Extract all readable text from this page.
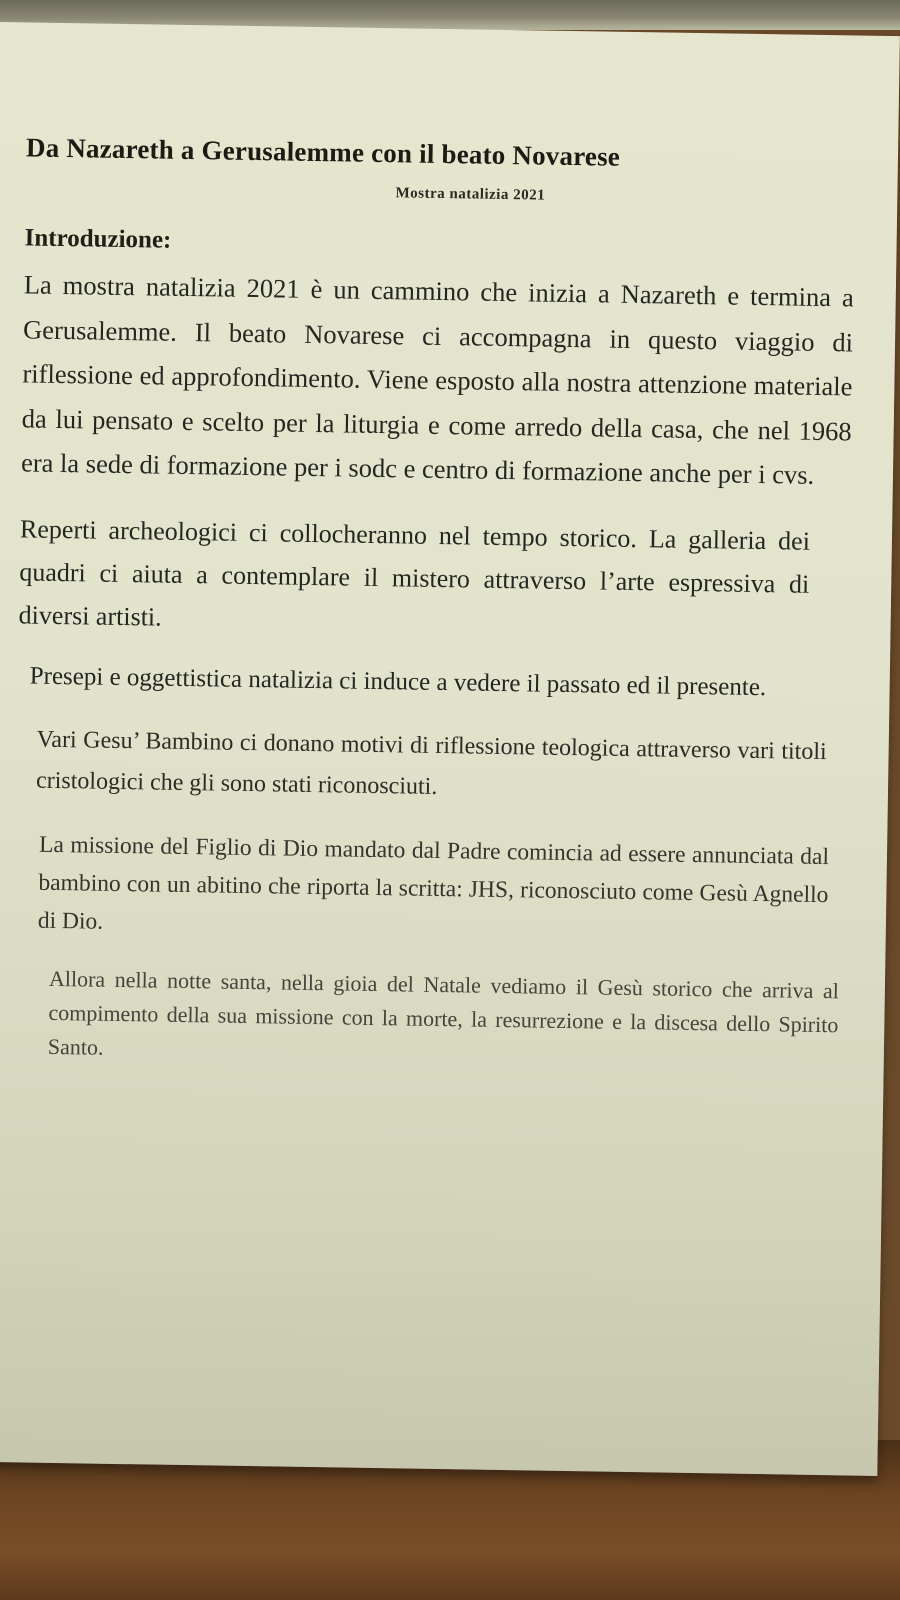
Da Nazareth a Gerusalemme con il beato Novarese
Mostra natalizia 2021
Introduzione:

La mostra natalizia 2021 è un cammino che inizia a Nazareth e termina a Gerusalemme. Il beato Novarese ci accompagna in questo viaggio di riflessione ed approfondimento. Viene esposto alla nostra attenzione materiale da lui pensato e scelto per la liturgia e come arredo della casa, che nel 1968 era la sede di formazione per i sodc e centro di formazione anche per i cvs.

Reperti archeologici ci collocheranno nel tempo storico. La galleria dei quadri ci aiuta a contemplare il mistero attraverso l’arte espressiva di diversi artisti.

Presepi e oggettistica natalizia ci induce a vedere il passato ed il presente.

Vari Gesu’ Bambino ci donano motivi di riflessione teologica attraverso vari titoli cristologici che gli sono stati riconosciuti.

La missione del Figlio di Dio mandato dal Padre comincia ad essere annunciata dal bambino con un abitino che riporta la scritta: JHS, riconosciuto come Gesù Agnello di Dio.

Allora nella notte santa, nella gioia del Natale vediamo il Gesù storico che arriva al compimento della sua missione con la morte, la resurrezione e la discesa dello Spirito Santo.
